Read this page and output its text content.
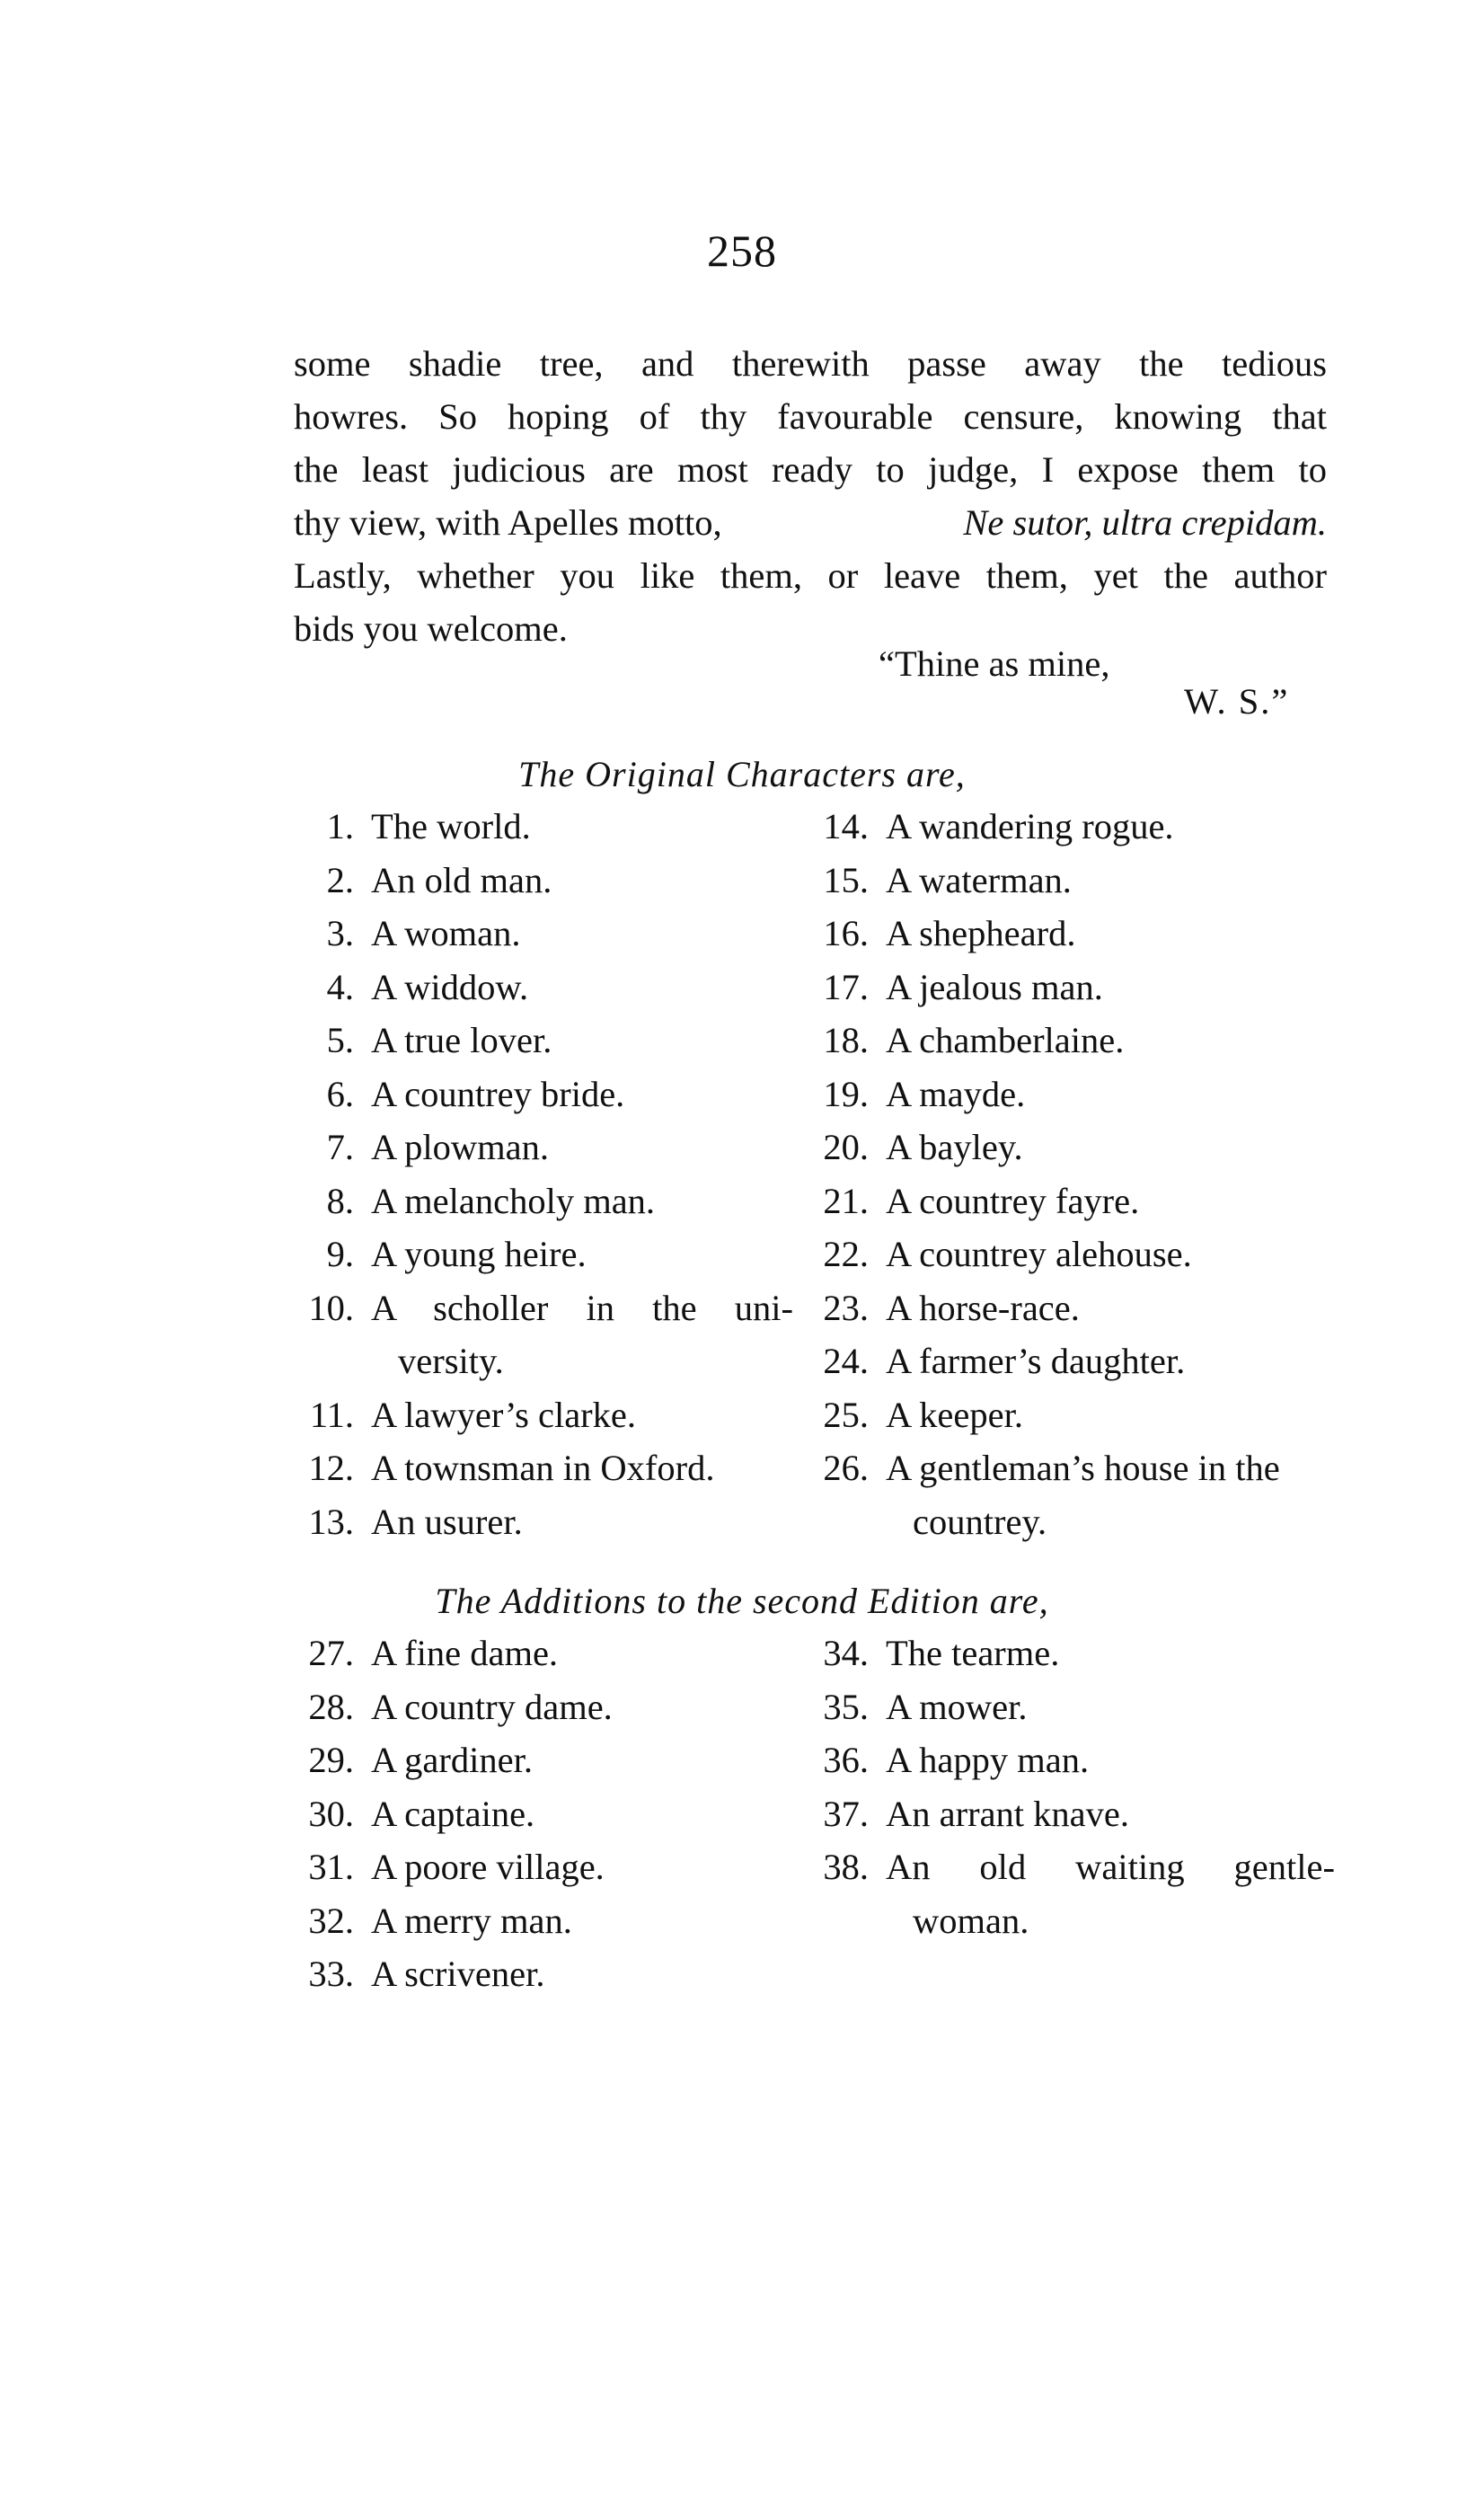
258
some shadie tree, and therewith passe away the tedious
howres. So hoping of thy favourable censure, knowing that
the least judicious are most ready to judge, I expose them to
thy view, with Apelles motto,	Ne sutor, ultra crepidam.
Lastly, whether you like them, or leave them, yet the author
bids you welcome.
“Thine as mine,
W. S.”
The Original Characters are,
1. The world.
2. An old man.
3. A woman.
4. A widdow.
5. A true lover.
6. A countrey bride.
7. A plowman.
8. A melancholy man.
9. A young heire.
10. A scholler in the uni-
versity.
11. A lawyer’s clarke.
12. A townsman in Oxford.
13. An usurer.
14. A wandering rogue.
15. A waterman.
16. A shepheard.
17. A jealous man.
18. A chamberlaine.
19. A mayde.
20. A bayley.
21. A countrey fayre.
22. A countrey alehouse.
23. A horse-race.
24. A farmer’s daughter.
25. A keeper.
26. A gentleman’s house in the
countrey.
The Additions to the second Edition are,
27. A fine dame.
28. A country dame.
29. A gardiner.
30. A captaine.
31. A poore village.
32. A merry man.
33. A scrivener.
34. The tearme.
35. A mower.
36. A happy man.
37. An arrant knave.
38. An old waiting gentle-
woman.
